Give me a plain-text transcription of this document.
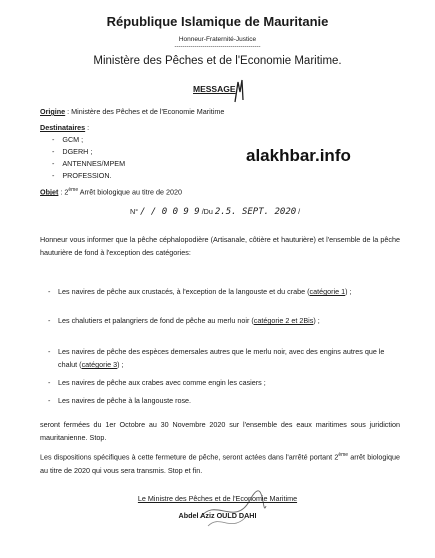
République Islamique de Mauritanie
Honneur-Fraternité-Justice
-------------------------------------------
Ministère des Pêches et de l'Economie Maritime.
MESSAGE
Origine : Ministère des Pêches et de l'Economie Maritime
Destinataires :
-    GCM ;
-    DGERH ;
-    ANTENNES/MPEM
-    PROFESSION.
alakhbar.info
Objet : 2ème Arrêt biologique au titre de 2020
N° / / 0 0 9 9 /Du 2.5. SEPT. 2020 /
Honneur vous informer que la pêche céphalopodière (Artisanale, côtière et hauturière) et l'ensemble de la pêche hauturière de fond à l'exception des catégories:
-	Les navires de pêche aux crustacés, à l'exception de la langouste et du crabe (catégorie 1) ;
-	Les chalutiers et palangriers de fond de pêche au merlu noir (catégorie 2 et 2Bis) ;
-	Les navires de pêche des espèces demersales autres que le merlu noir, avec des engins autres que le chalut (catégorie 3) ;
-	Les navires de pêche aux crabes avec comme engin les casiers ;
-	Les navires de pêche à la langouste rose.
seront fermées du 1er Octobre au 30 Novembre 2020 sur l'ensemble des eaux maritimes sous juridiction mauritanienne. Stop.
Les dispositions spécifiques à cette fermeture de pêche, seront actées dans l'arrêté portant 2ème arrêt biologique au titre de 2020 qui vous sera transmis. Stop et fin.
Le Ministre des Pêches et de l'Economie Maritime
Abdel Aziz OULD DAHI
